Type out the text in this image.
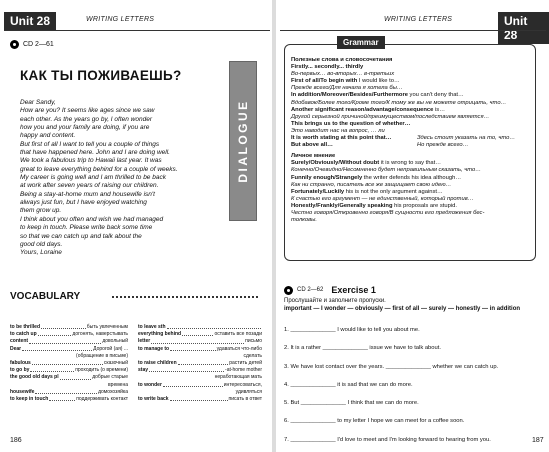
Unit 28	WRITING LETTERS
CD 2—61
КАК ТЫ ПОЖИВАЕШЬ?
Dear Sandy,
How are you? It seems like ages since we saw
each other. As the years go by, I often wonder
how you and your family are doing, if you are
happy and content.
But first of all I want to tell you a couple of things
that have happened here. John and I are doing well.
We took a fabulous trip to Hawaii last year. It was
great to leave everything behind for a couple of weeks.
My career is going well and I am thrilled to be back
at work after seven years of raising our children.
Being a stay-at-home mum and housewife isn't
always just fun, but I have enjoyed watching
them grow up.
I think about you often and wish we had managed
to keep in touch. Please write back some time
so that we can catch up and talk about the
good old days.
Yours, Loraine
DIALOGUE
VOCABULARY
to be thrilled	быть увлеченным
to catch up	догонять, наверстывать
content	довольный
Dear	Дорогой (ая) ...
(обращение в письме)
fabulous	сказочный
to go by	проходить (о времени)
the good old days pl	добрые старые
времена
housewife	домохозяйка
to keep in touch	поддерживать контакт
to leave sth
everything behind	оставить все позади
letter	письмо
to manage to	удаваться что-либо
сделать
to raise children	растить детей
stay	-at-home mother
неработающая мать
to wonder	интересоваться,
удивляться
to write back	писать в ответ
186
WRITING LETTERS	Unit 28
Grammar
Полезные слова и словосочетания
Firstly... secondly... thirdly
Во-первых… во-вторых… в-третьих
First of all/To begin with I would like to…
Прежде всего/Для начала я хотела бы…
In addition/Moreover/Besides/Furthermore you can't deny that…
Вдобавок/Более того/Кроме того/К тому же вы не можете отрицать, что…
Another significant reason/advantage/consequence is…
Другой серьезной причиной/преимуществом/последствием является…
This brings us to the question of whether…
Это наводит нас на вопрос, … ли
It is worth stating at this point that…	Здесь стоит указать на то, что…
But above all…	Но прежде всего…
Личное мнение
Surely/Obviously/Without doubt it is wrong to say that…
Конечно/Очевидно/Несомненно будет неправильным сказать, что…
Funnily enough/Strangely the writer defends his idea although…
Как ни странно, писатель все же защищает свою идею…
Fortunately/Luckily his is not the only argument against…
К счастью его аргумент — не единственный, который против…
Honestly/Frankly/Generally speaking his proposals are stupid.
Честно говоря/Откровенно говоря/В сущности его предложения бес-
толковы.
CD 2—62 Exercise 1
Прослушайте и заполните пропуски.
important — I wonder — obviously — first of all — surely — honestly — in addition
1. ______________ I would like to tell you about me.
2. It is a rather ______________ issue we have to talk about.
3. We have lost contact over the years. ______________ whether we can catch up.
4. ______________ it is sad that we can do more.
5. But ______________ I think that we can do more.
6. ______________ to my letter I hope we can meet for a coffee soon.
7. ______________ I'd love to meet and I'm looking forward to hearing from you.	187
